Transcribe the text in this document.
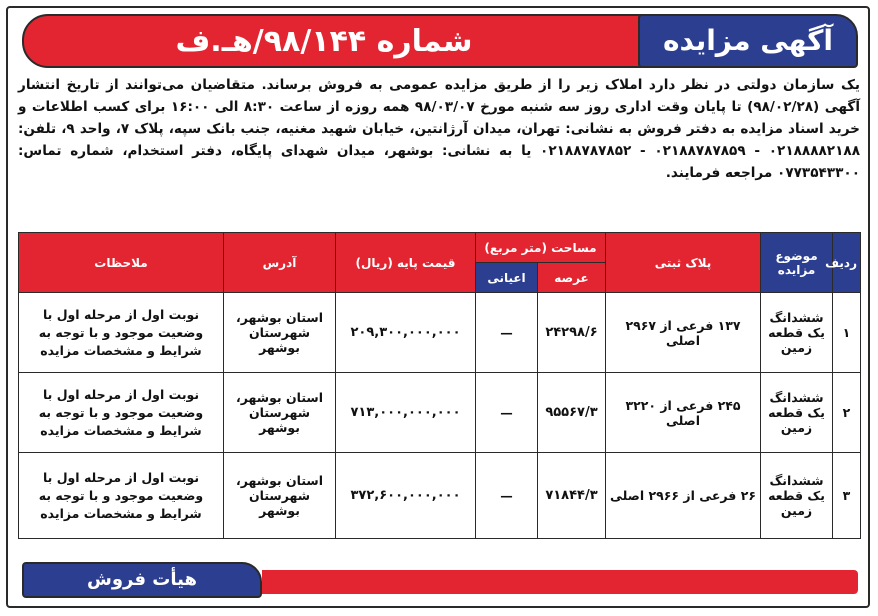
شماره ۹۸/۱۴۴/هـ.ف	آگهی مزایده
یک سازمان دولتی در نظر دارد املاک زیر را از طریق مزایده عمومی به فروش برساند. متقاضیان می‌توانند از تاریخ انتشار آگهی (۹۸/۰۲/۲۸) تا پایان وقت اداری روز سه شنبه مورخ ۹۸/۰۳/۰۷ همه روزه از ساعت ۸:۳۰ الی ۱۶:۰۰ برای کسب اطلاعات و خرید اسناد مزایده به دفتر فروش به نشانی: تهران، میدان آرژانتین، خیابان شهید مغنیه، جنب بانک سپه، پلاک ۷، واحد ۹، تلفن: ۰۲۱۸۸۸۸۲۱۸۸ - ۰۲۱۸۸۷۸۷۸۵۹ - ۰۲۱۸۸۷۸۷۸۵۲ یا به نشانی: بوشهر، میدان شهدای پایگاه، دفتر استخدام، شماره تماس: ۰۷۷۳۵۴۳۳۰۰ مراجعه فرمایند.
ردیف	موضوع مزایده	پلاک ثبتی	مساحت (متر مربع)		قیمت پایه (ریال)	آدرس	ملاحظات
			عرصه	اعیانی			
۱	ششدانگ یک قطعه زمین	۱۳۷ فرعی از ۲۹۶۷ اصلی	۲۴۲۹۸/۶	—	۲۰۹,۳۰۰,۰۰۰,۰۰۰	استان بوشهر، شهرستان بوشهر	نوبت اول از مرحله اول با وضعیت موجود و با توجه به شرایط و مشخصات مزایده
۲	ششدانگ یک قطعه زمین	۲۴۵ فرعی از ۳۲۲۰ اصلی	۹۵۵۶۷/۳	—	۷۱۳,۰۰۰,۰۰۰,۰۰۰	استان بوشهر، شهرستان بوشهر	نوبت اول از مرحله اول با وضعیت موجود و با توجه به شرایط و مشخصات مزایده
۳	ششدانگ یک قطعه زمین	۲۶ فرعی از ۲۹۶۶ اصلی	۷۱۸۴۴/۳	—	۳۷۲,۶۰۰,۰۰۰,۰۰۰	استان بوشهر، شهرستان بوشهر	نوبت اول از مرحله اول با وضعیت موجود و با توجه به شرایط و مشخصات مزایده
هیأت فروش
